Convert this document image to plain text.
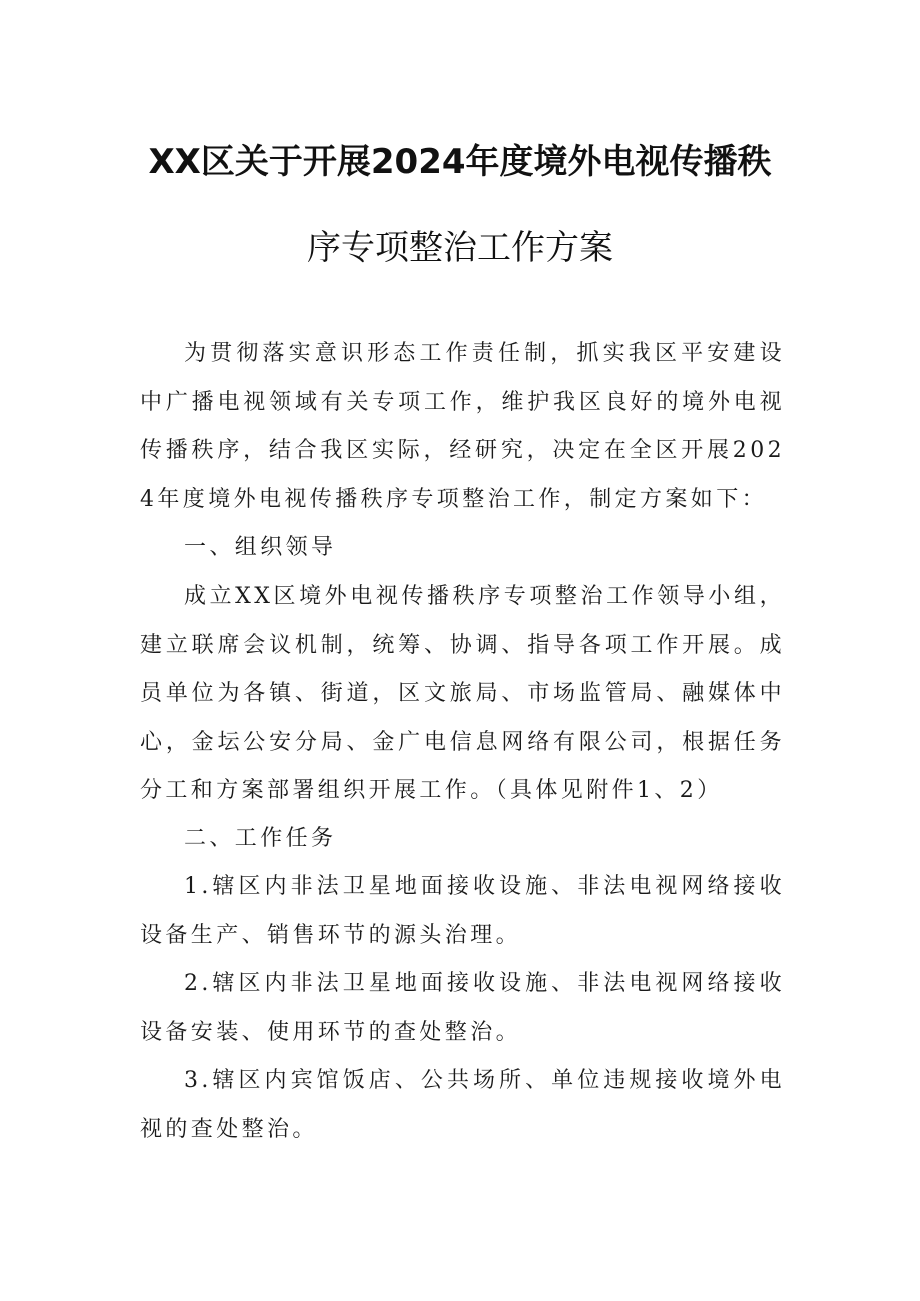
XX区关于开展2024年度境外电视传播秩
序专项整治工作方案

为贯彻落实意识形态工作责任制，抓实我区平安建设中广播电视领域有关专项工作，维护我区良好的境外电视传播秩序，结合我区实际，经研究，决定在全区开展2024年度境外电视传播秩序专项整治工作，制定方案如下：

一、组织领导

成立XX区境外电视传播秩序专项整治工作领导小组，建立联席会议机制，统筹、协调、指导各项工作开展。成员单位为各镇、街道，区文旅局、市场监管局、融媒体中心，金坛公安分局、金广电信息网络有限公司，根据任务分工和方案部署组织开展工作。（具体见附件1、2）

二、工作任务

1.辖区内非法卫星地面接收设施、非法电视网络接收设备生产、销售环节的源头治理。

2.辖区内非法卫星地面接收设施、非法电视网络接收设备安装、使用环节的查处整治。

3.辖区内宾馆饭店、公共场所、单位违规接收境外电视的查处整治。
